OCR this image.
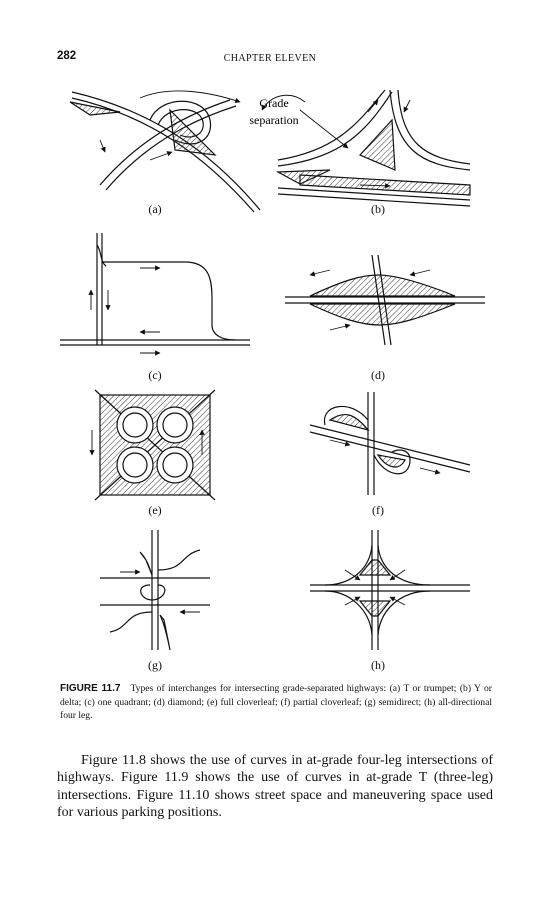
282	CHAPTER ELEVEN
Grade
separation
(a)	(b)
(c)	(d)
(e)	(f)
(g)	(h)
FIGURE 11.7 Types of interchanges for intersecting grade-separated highways: (a) T or trumpet; (b) Y or delta; (c) one quadrant; (d) diamond; (e) full cloverleaf; (f) partial cloverleaf; (g) semidirect; (h) all-directional four leg.
Figure 11.8 shows the use of curves in at-grade four-leg intersections of highways. Figure 11.9 shows the use of curves in at-grade T (three-leg) intersections. Figure 11.10 shows street space and maneuvering space used for various parking positions.
